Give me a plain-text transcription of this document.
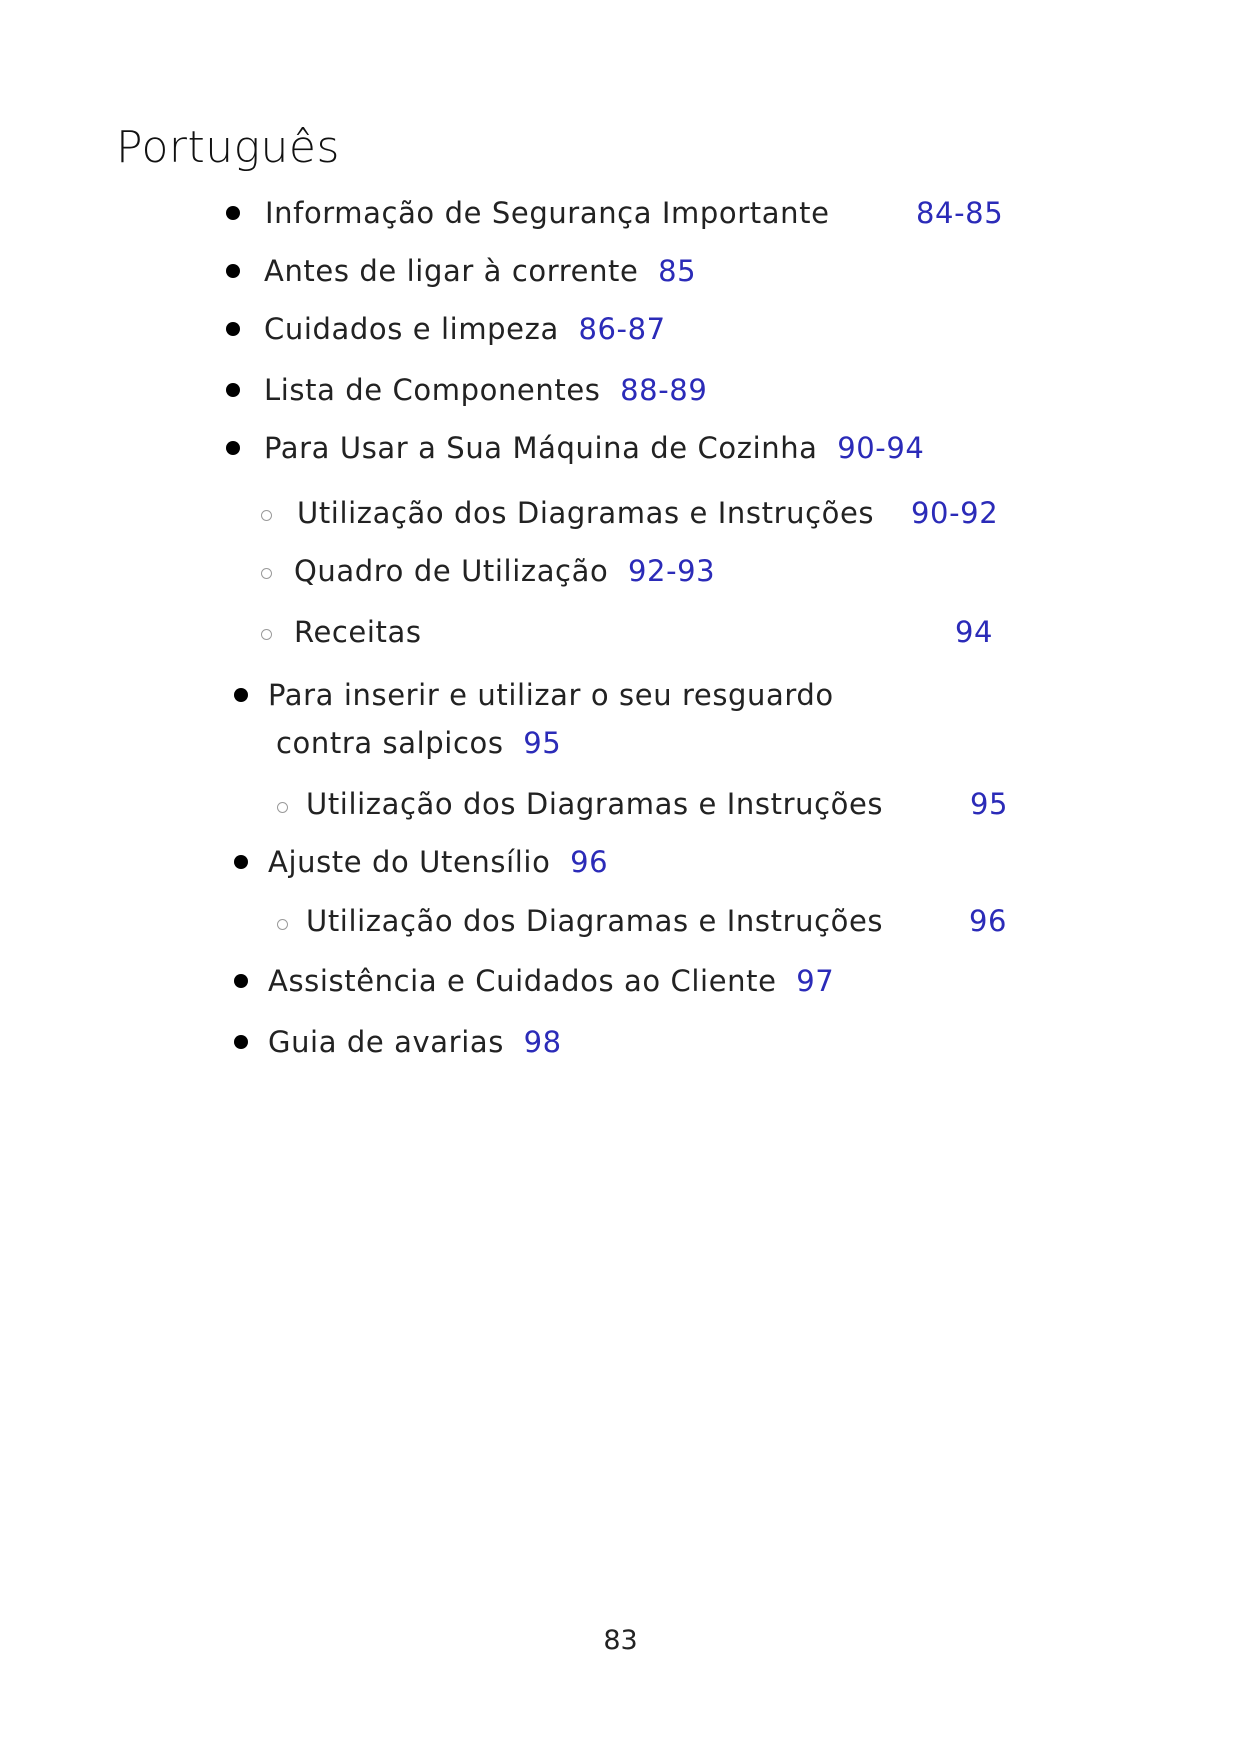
Português
Informação de Segurança Importante	84-85
Antes de ligar à corrente 85
Cuidados e limpeza 86-87
Lista de Componentes 88-89
Para Usar a Sua Máquina de Cozinha 90-94
Utilização dos Diagramas e Instruções 90-92
Quadro de Utilização 92-93
Receitas	94
Para inserir e utilizar o seu resguardo
contra salpicos 95
Utilização dos Diagramas e Instruções	95
Ajuste do Utensílio 96
Utilização dos Diagramas e Instruções	96
Assistência e Cuidados ao Cliente 97
Guia de avarias 98
83
